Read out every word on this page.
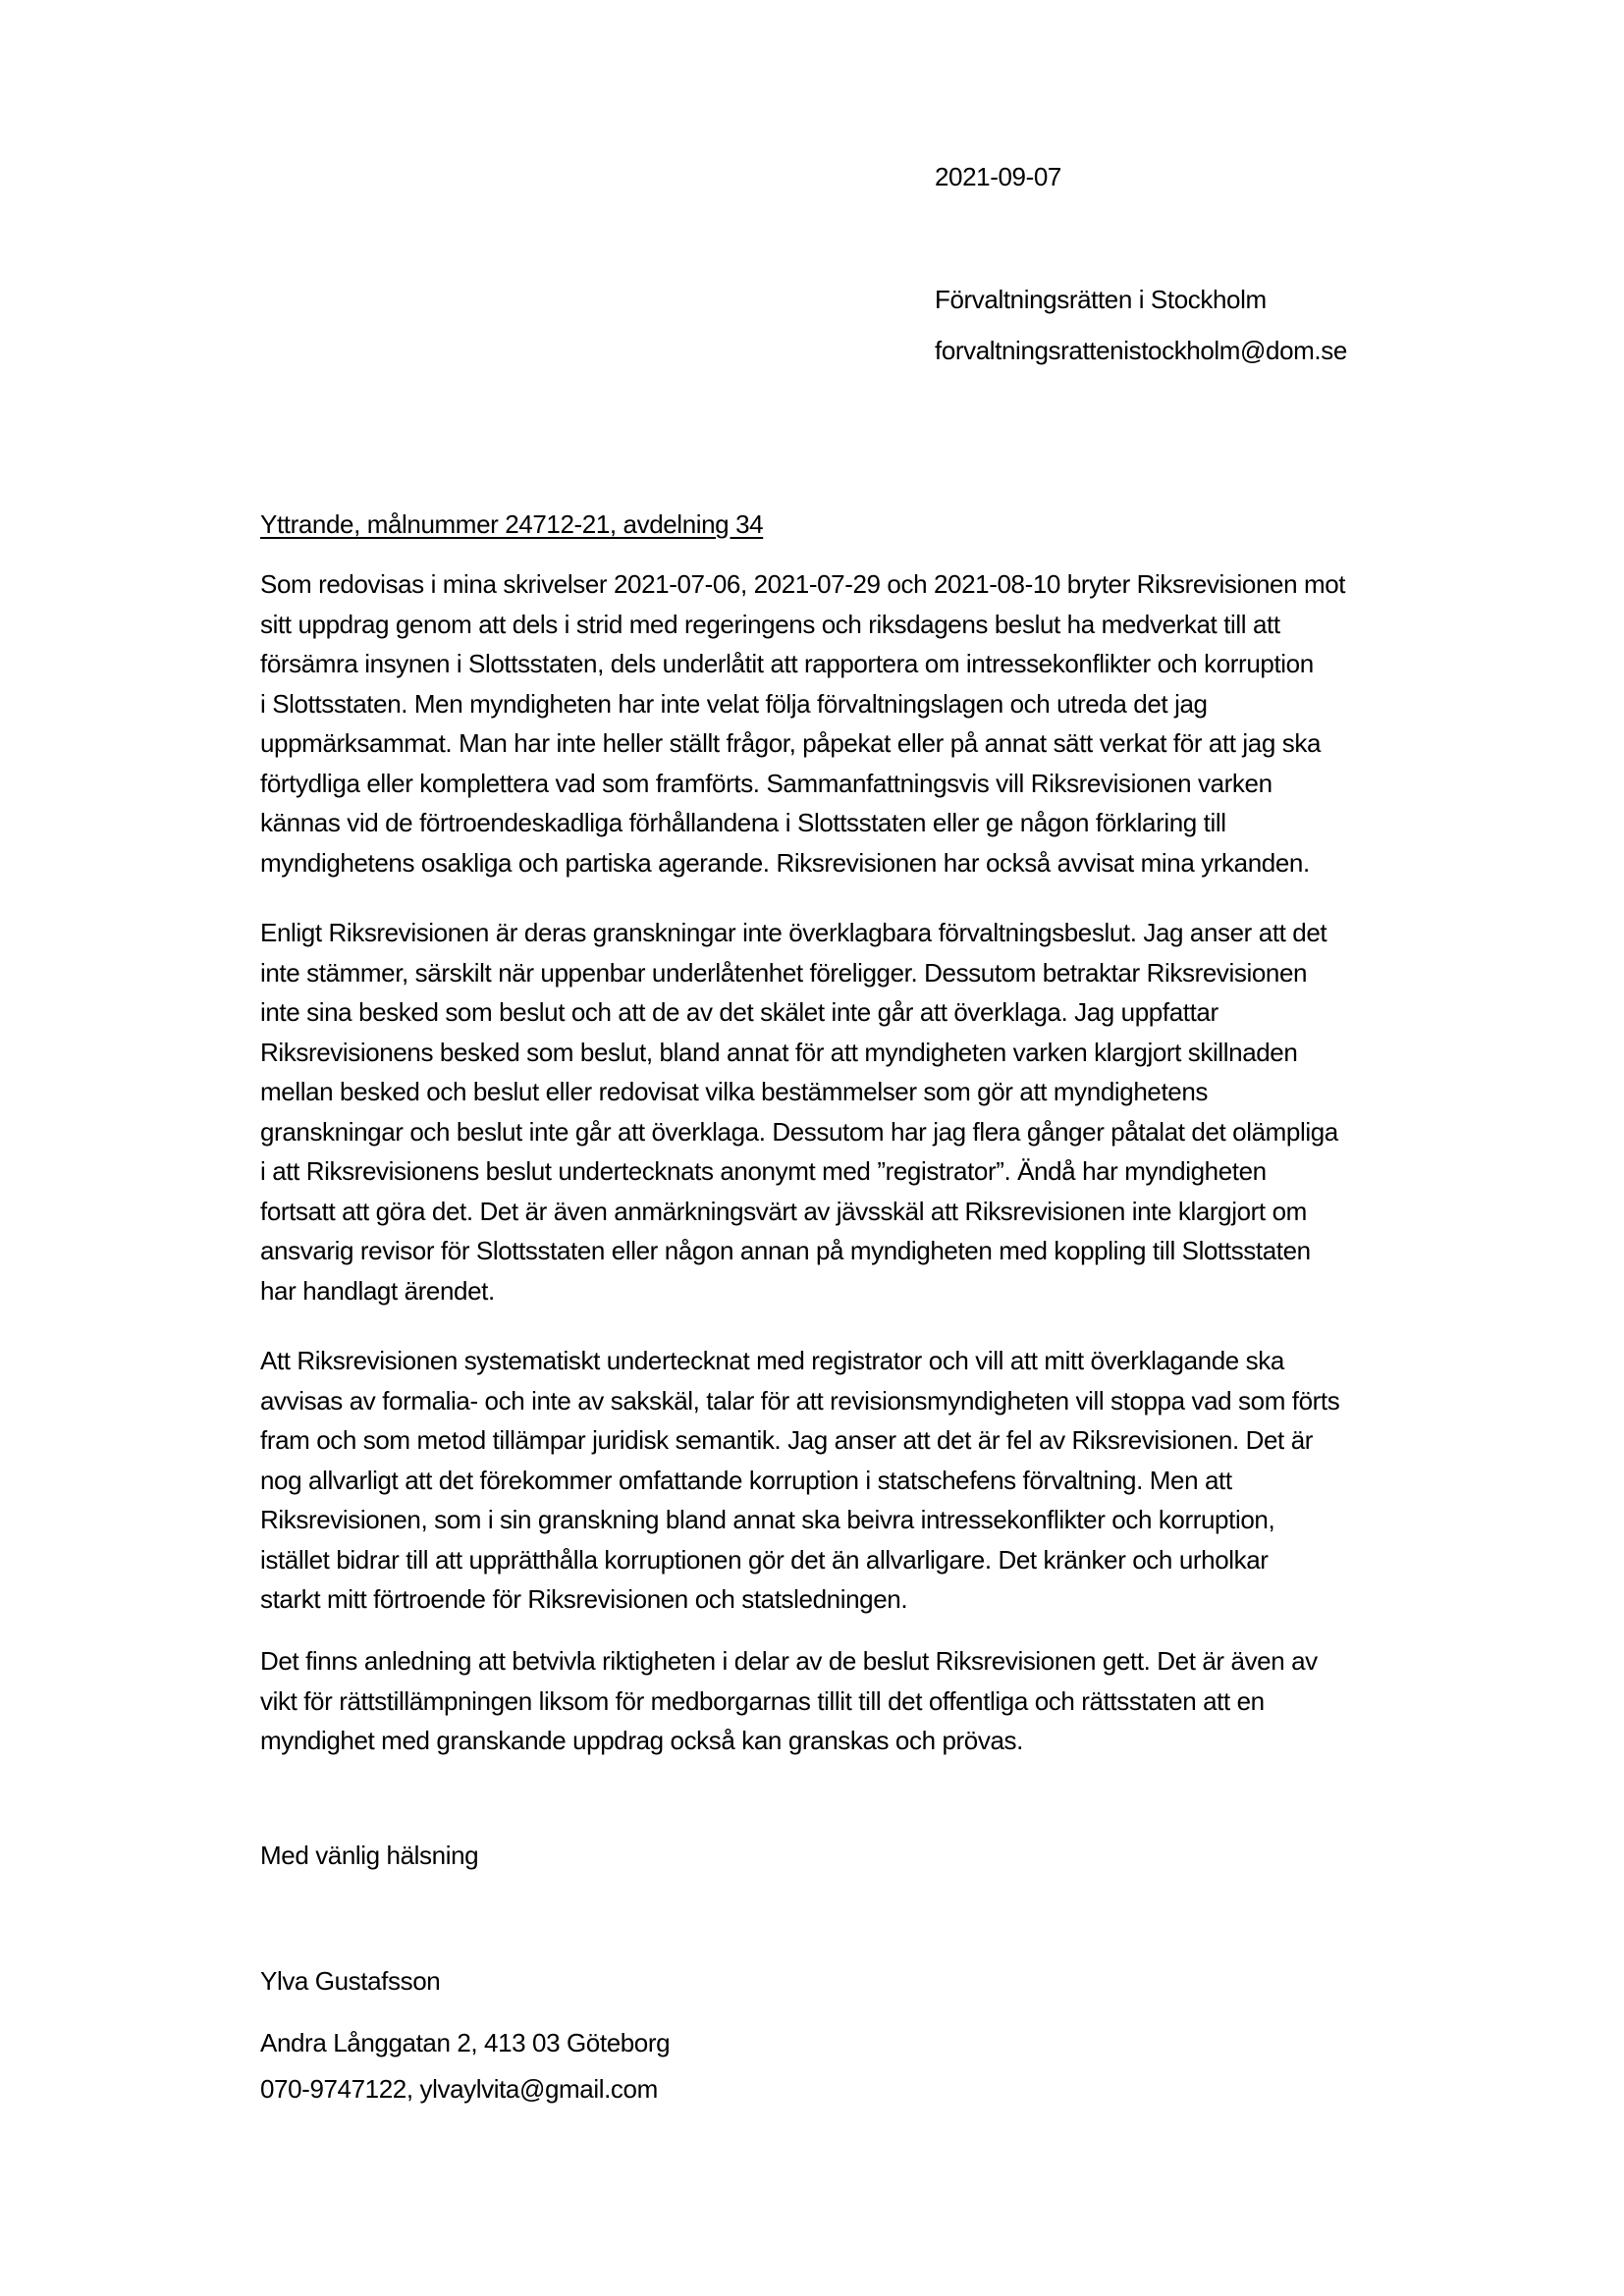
2021-09-07
Förvaltningsrätten i Stockholm
forvaltningsrattenistockholm@dom.se
Yttrande, målnummer 24712-21, avdelning 34
Som redovisas i mina skrivelser 2021-07-06, 2021-07-29 och 2021-08-10 bryter Riksrevisionen mot
sitt uppdrag genom att dels i strid med regeringens och riksdagens beslut ha medverkat till att
försämra insynen i Slottsstaten, dels underlåtit att rapportera om intressekonflikter och korruption
i Slottsstaten. Men myndigheten har inte velat följa förvaltningslagen och utreda det jag
uppmärksammat. Man har inte heller ställt frågor, påpekat eller på annat sätt verkat för att jag ska
förtydliga eller komplettera vad som framförts. Sammanfattningsvis vill Riksrevisionen varken
kännas vid de förtroendeskadliga förhållandena i Slottsstaten eller ge någon förklaring till
myndighetens osakliga och partiska agerande. Riksrevisionen har också avvisat mina yrkanden.
Enligt Riksrevisionen är deras granskningar inte överklagbara förvaltningsbeslut. Jag anser att det
inte stämmer, särskilt när uppenbar underlåtenhet föreligger. Dessutom betraktar Riksrevisionen
inte sina besked som beslut och att de av det skälet inte går att överklaga. Jag uppfattar
Riksrevisionens besked som beslut, bland annat för att myndigheten varken klargjort skillnaden
mellan besked och beslut eller redovisat vilka bestämmelser som gör att myndighetens
granskningar och beslut inte går att överklaga. Dessutom har jag flera gånger påtalat det olämpliga
i att Riksrevisionens beslut undertecknats anonymt med ”registrator”. Ändå har myndigheten
fortsatt att göra det. Det är även anmärkningsvärt av jävsskäl att Riksrevisionen inte klargjort om
ansvarig revisor för Slottsstaten eller någon annan på myndigheten med koppling till Slottsstaten
har handlagt ärendet.
Att Riksrevisionen systematiskt undertecknat med registrator och vill att mitt överklagande ska
avvisas av formalia- och inte av sakskäl, talar för att revisionsmyndigheten vill stoppa vad som förts
fram och som metod tillämpar juridisk semantik. Jag anser att det är fel av Riksrevisionen. Det är
nog allvarligt att det förekommer omfattande korruption i statschefens förvaltning. Men att
Riksrevisionen, som i sin granskning bland annat ska beivra intressekonflikter och korruption,
istället bidrar till att upprätthålla korruptionen gör det än allvarligare. Det kränker och urholkar
starkt mitt förtroende för Riksrevisionen och statsledningen.
Det finns anledning att betvivla riktigheten i delar av de beslut Riksrevisionen gett. Det är även av
vikt för rättstillämpningen liksom för medborgarnas tillit till det offentliga och rättsstaten att en
myndighet med granskande uppdrag också kan granskas och prövas.
Med vänlig hälsning
Ylva Gustafsson
Andra Långgatan 2, 413 03 Göteborg
070-9747122, ylvaylvita@gmail.com
